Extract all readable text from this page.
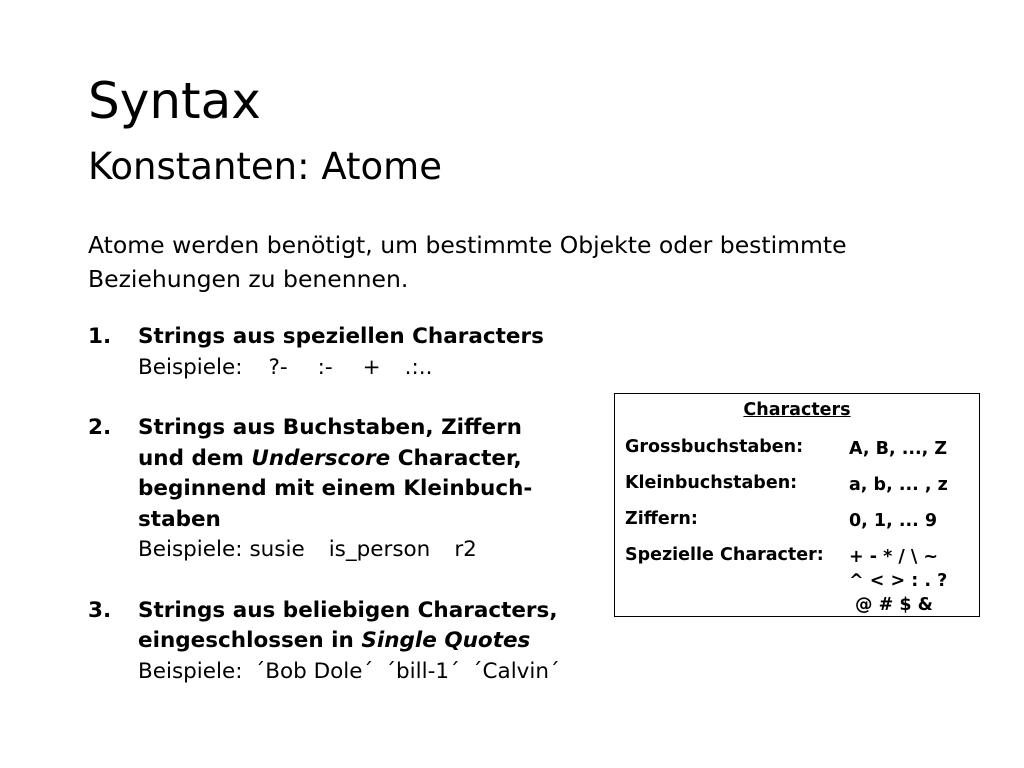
Syntax
Konstanten: Atome
Atome werden benötigt, um bestimmte Objekte oder bestimmte Beziehungen zu benennen.
1. Strings aus speziellen Characters
Beispiele: ?- :- + .:..
2. Strings aus Buchstaben, Ziffern
und dem Underscore Character,
beginnend mit einem Kleinbuch-
staben
Beispiele: susie is_person r2
3. Strings aus beliebigen Characters,
eingeschlossen in Single Quotes
Beispiele: ´Bob Dole´ ´bill-1´ ´Calvin´
Characters
Grossbuchstaben:	A, B, ..., Z
Kleinbuchstaben:	a, b, ... , z
Ziffern:	0, 1, ... 9
Spezielle Character: + - * / \ ~
^ < > : . ?
@ # $ &
